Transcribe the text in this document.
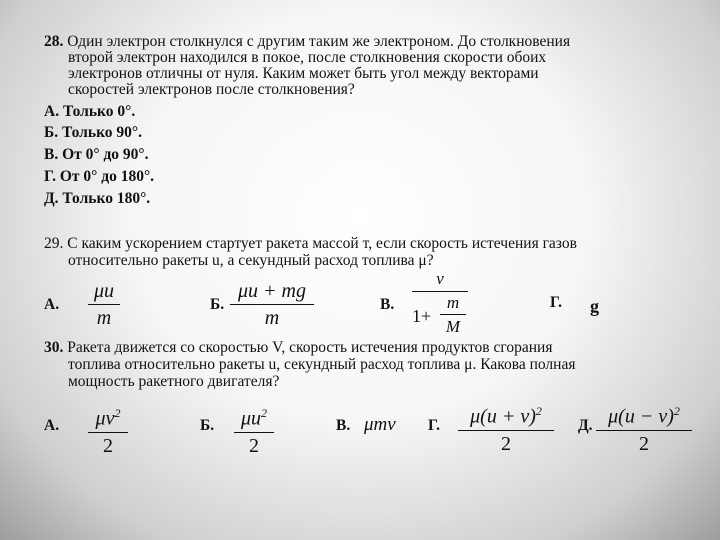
28. Один электрон столкнулся с другим таким же электроном. До столкновения
второй электрон находился в покое, после столкновения скорости обоих
электронов отличны от нуля. Каким может быть угол между векторами
скоростей электронов после столкновения?
А. Только 0°.
Б. Только 90°.
В. От 0° до 90°.
Г. От 0° до 180°.
Д. Только 180°.
29. С каким ускорением стартует ракета массой т, если скорость истечения газов
относительно ракеты u, а секундный расход топлива μ?
А.
μu
m
Б.
μu + mg
m
В.
v
1+
m
M
Г. g
30. Ракета движется со скоростью V, скорость истечения продуктов сгорания
топлива относительно ракеты u, секундный расход топлива μ. Какова полная
мощность ракетного двигателя?
А.	$\mu v^2$
2
Б.	$\mu u^2$
2
В. μmv Г.	$\mu(u + v)^2$
2
Д. $\mu(u - v)^2$
2
